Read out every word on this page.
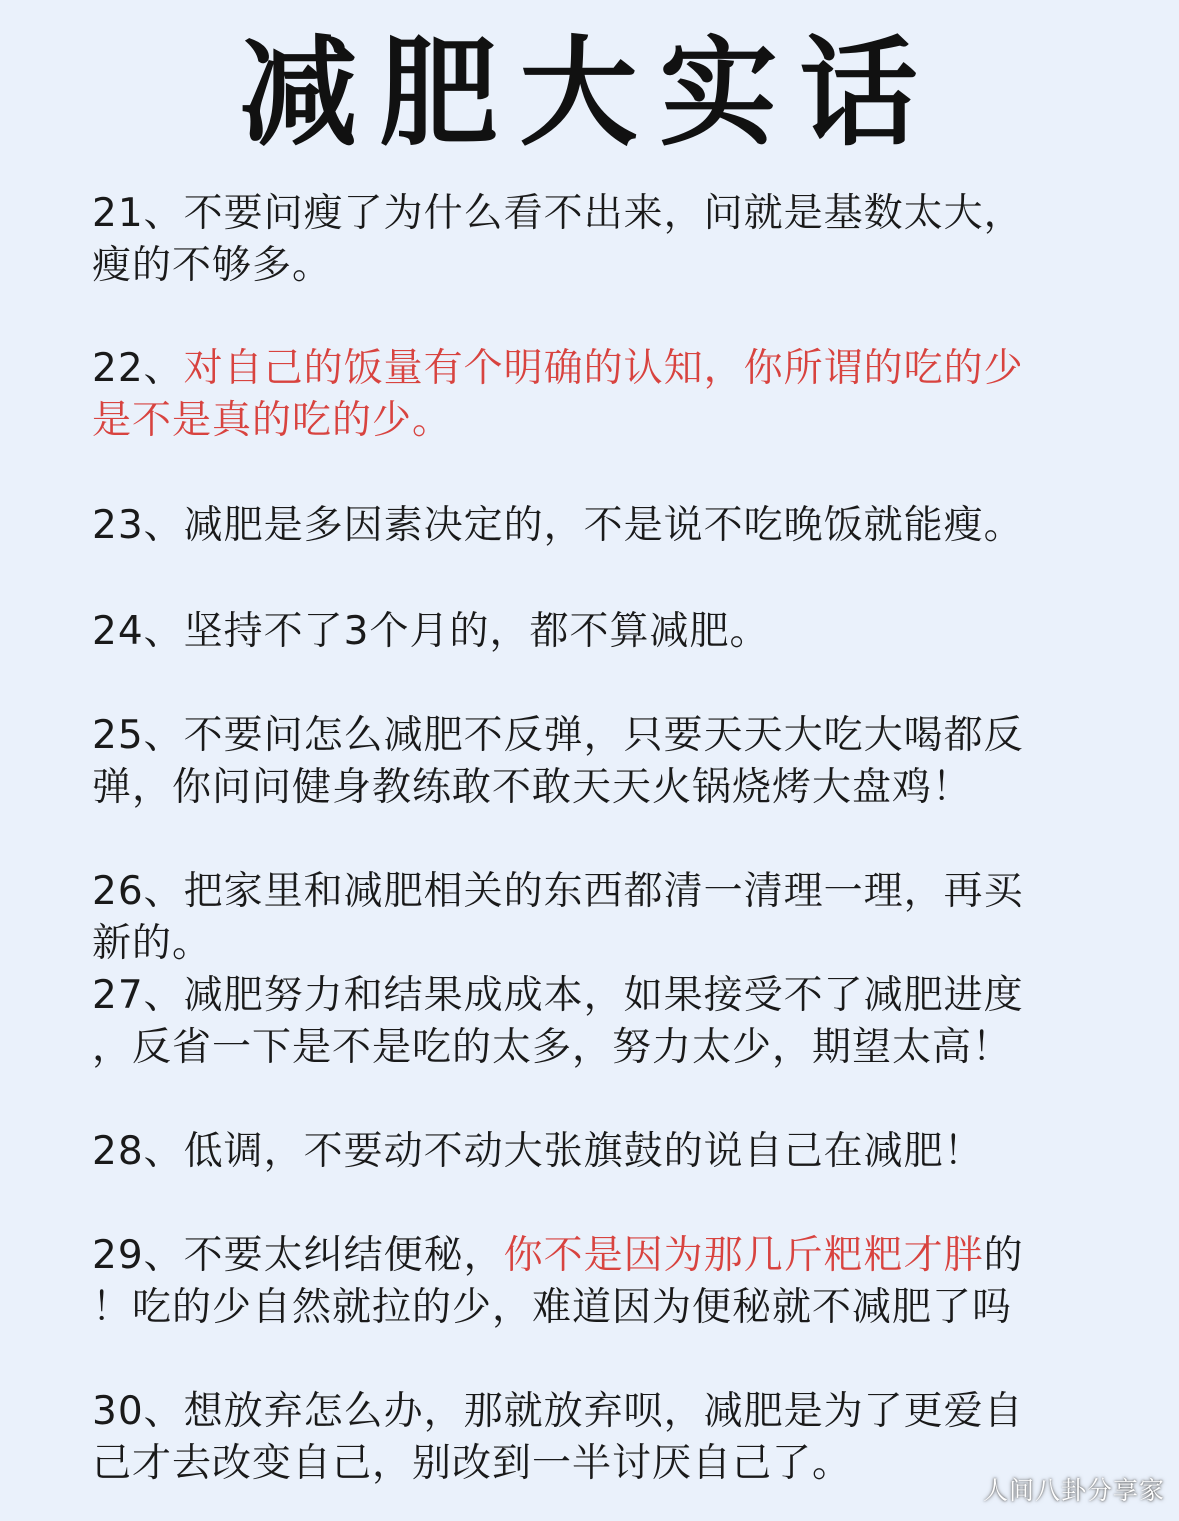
减肥大实话
21、不要问瘦了为什么看不出来，问就是基数太大，
瘦的不够多。
22、对自己的饭量有个明确的认知，你所谓的吃的少
是不是真的吃的少。
23、减肥是多因素决定的，不是说不吃晚饭就能瘦。
24、坚持不了3个月的，都不算减肥。
25、不要问怎么减肥不反弹，只要天天大吃大喝都反
弹，你问问健身教练敢不敢天天火锅烧烤大盘鸡！
26、把家里和减肥相关的东西都清一清理一理，再买
新的。
27、减肥努力和结果成成本，如果接受不了减肥进度
，反省一下是不是吃的太多，努力太少，期望太高！
28、低调，不要动不动大张旗鼓的说自己在减肥！
29、不要太纠结便秘，你不是因为那几斤粑粑才胖的
！吃的少自然就拉的少，难道因为便秘就不减肥了吗
30、想放弃怎么办，那就放弃呗，减肥是为了更爱自
己才去改变自己，别改到一半讨厌自己了。
人间八卦分享家
